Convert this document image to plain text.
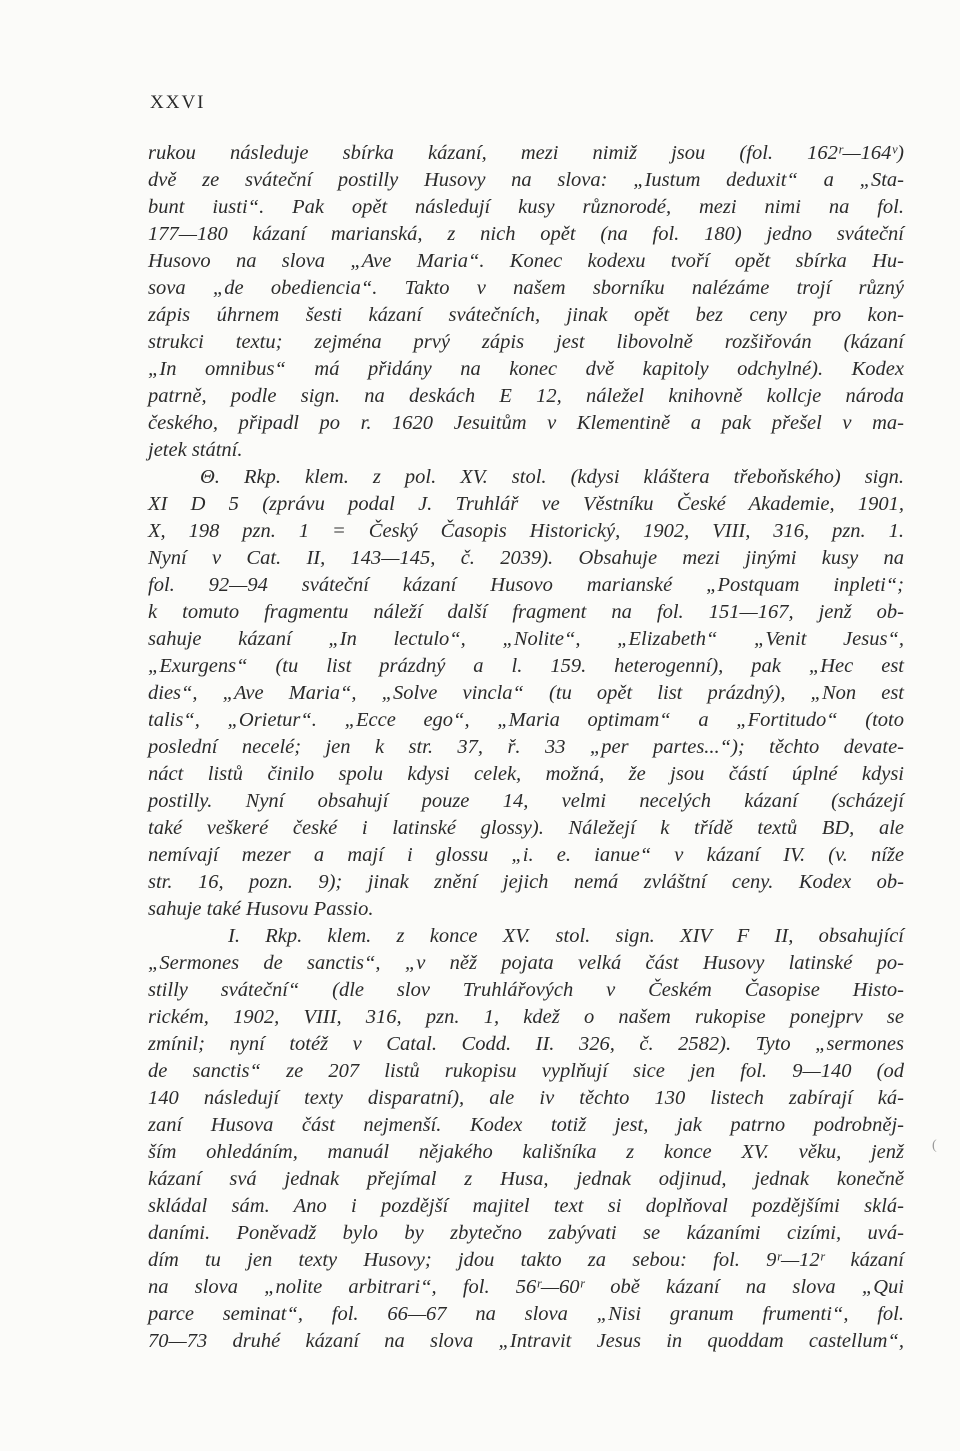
XXVI
rukou následuje sbírka kázaní, mezi nimiž jsou (fol. 162ʳ—164ᵛ)
dvě ze sváteční postilly Husovy na slova: „Iustum deduxit“ a „Sta-
bunt iusti“. Pak opět následují kusy různorodé, mezi nimi na fol.
177—180 kázaní marianská, z nich opět (na fol. 180) jedno sváteční
Husovo na slova „Ave Maria“. Konec kodexu tvoří opět sbírka Hu-
sova „de obediencia“. Takto v našem sborníku nalézáme trojí různý
zápis úhrnem šesti kázaní svátečních, jinak opět bez ceny pro kon-
strukci textu; zejména prvý zápis jest libovolně rozšiřován (kázaní
„In omnibus“ má přidány na konec dvě kapitoly odchylné). Kodex
patrně, podle sign. na deskách E 12, náležel knihovně kollcje národa
českého, připadl po r. 1620 Jesuitům v Klementině a pak přešel v ma-
jetek státní.
Θ. Rkp. klem. z pol. XV. stol. (kdysi kláštera třeboňského) sign.
XI D 5 (zprávu podal J. Truhlář ve Věstníku České Akademie, 1901,
X, 198 pzn. 1 = Český Časopis Historický, 1902, VIII, 316, pzn. 1.
Nyní v Cat. II, 143—145, č. 2039). Obsahuje mezi jinými kusy na
fol. 92—94 sváteční kázaní Husovo marianské „Postquam inpleti“;
k tomuto fragmentu náleží další fragment na fol. 151—167, jenž ob-
sahuje kázaní „In lectulo“, „Nolite“, „Elizabeth“ „Venit Jesus“,
„Exurgens“ (tu list prázdný a l. 159. heterogenní), pak „Hec est
dies“, „Ave Maria“, „Solve vincla“ (tu opět list prázdný), „Non est
talis“, „Orietur“. „Ecce ego“, „Maria optimam“ a „Fortitudo“ (toto
poslední necelé; jen k str. 37, ř. 33 „per partes...“); těchto devate-
náct listů činilo spolu kdysi celek, možná, že jsou částí úplné kdysi
postilly. Nyní obsahují pouze 14, velmi necelých kázaní (scházejí
také veškeré české i latinské glossy). Náležejí k třídě textů BD, ale
nemívají mezer a mají i glossu „i. e. ianue“ v kázaní IV. (v. níže
str. 16, pozn. 9); jinak znění jejich nemá zvláštní ceny. Kodex ob-
sahuje také Husovu Passio.
I. Rkp. klem. z konce XV. stol. sign. XIV F II, obsahující
„Sermones de sanctis“, „v něž pojata velká část Husovy latinské po-
stilly sváteční“ (dle slov Truhlářových v Českém Časopise Histo-
rickém, 1902, VIII, 316, pzn. 1, kdež o našem rukopise ponejprv se
zmínil; nyní totéž v Catal. Codd. II. 326, č. 2582). Tyto „sermones
de sanctis“ ze 207 listů rukopisu vyplňují sice jen fol. 9—140 (od
140 následují texty disparatní), ale iv těchto 130 listech zabírají ká-
zaní Husova část nejmenší. Kodex totiž jest, jak patrno podrobněj-
ším ohledáním, manuál nějakého kališníka z konce XV. věku, jenž
kázaní svá jednak přejímal z Husa, jednak odjinud, jednak konečně
skládal sám. Ano i pozdější majitel text si doplňoval pozdějšími sklá-
daními. Poněvadž bylo by zbytečno zabývati se kázaními cizími, uvá-
dím tu jen texty Husovy; jdou takto za sebou: fol. 9ʳ—12ʳ kázaní
na slova „nolite arbitrari“, fol. 56ʳ—60ʳ obě kázaní na slova „Qui
parce seminat“, fol. 66—67 na slova „Nisi granum frumenti“, fol.
70—73 druhé kázaní na slova „Intravit Jesus in quoddam castellum“,
(
